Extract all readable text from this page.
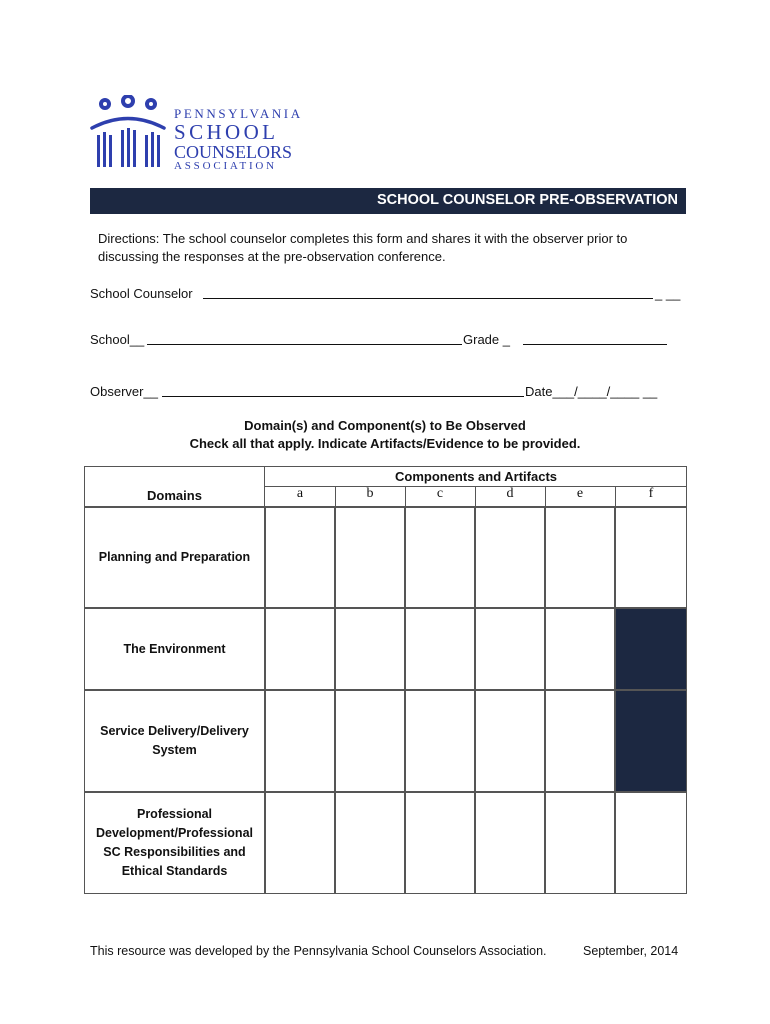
PENNSYLVANIA
SCHOOL
COUNSELORS
ASSOCIATION
SCHOOL COUNSELOR PRE-OBSERVATION
Directions: The school counselor completes this form and shares it with the observer prior to
discussing the responses at the pre-observation conference.
School Counselor	_ __
School__	Grade _
Observer__	Date___/____/____ __
Domain(s) and Component(s) to Be Observed
Check all that apply. Indicate Artifacts/Evidence to be provided.
Domains
Components and Artifacts
a	b	c	d	e	f
Planning and Preparation
The Environment
Service Delivery/Delivery System
Professional Development/Professional SC Responsibilities and Ethical Standards
This resource was developed by the Pennsylvania School Counselors Association.	September, 2014
